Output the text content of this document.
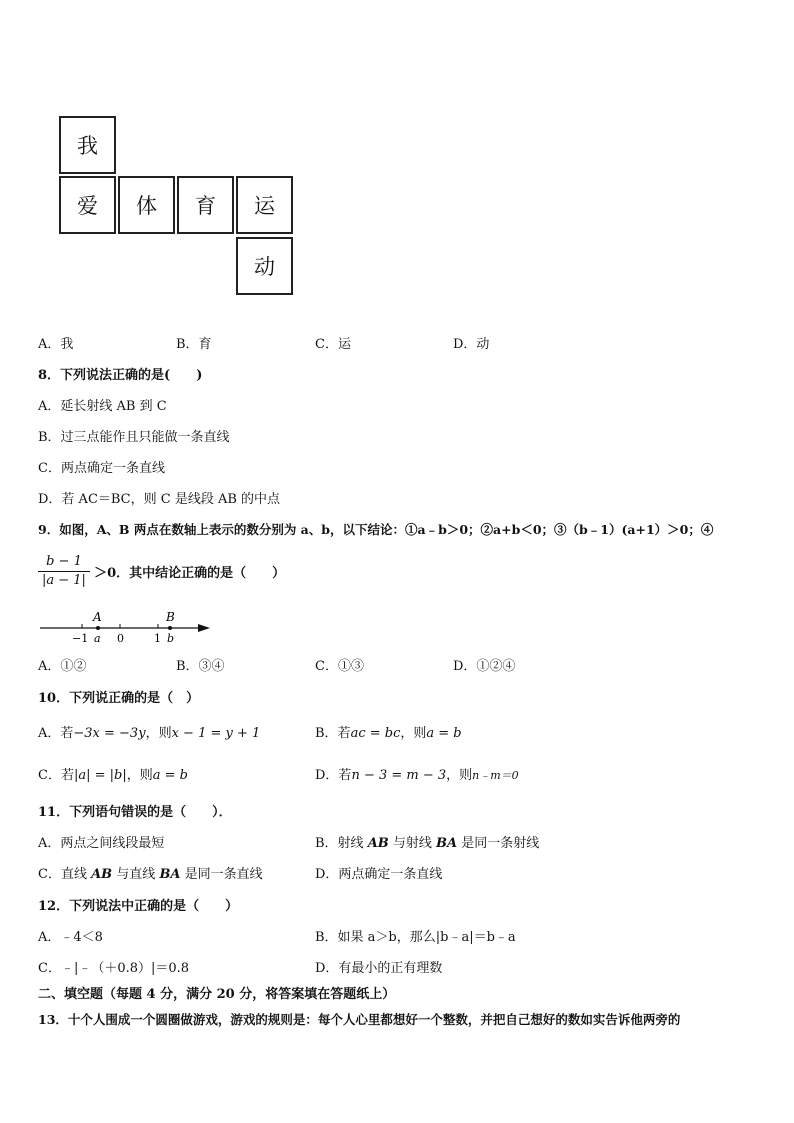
我
爱	体	育	运
动
A．我	B．育	C．运	D．动
8．下列说法正确的是(　　)
A．延长射线 AB 到 C
B．过三点能作且只能做一条直线
C．两点确定一条直线
D．若 AC＝BC，则 C 是线段 AB 的中点
9．如图，A、B 两点在数轴上表示的数分别为 a、b，以下结论：①a﹣b＞0；②a+b＜0；③（b﹣1）(a+1）＞0；④
$\frac{b - 1}{|a - 1|} >0$．其中结论正确的是（　　）
A	B
−1 a 0	1 b
A．①②	B．③④	C．①③	D．①②④
10．下列说正确的是（　）
A．若−3x = −3y，则x − 1 = y + 1	B．若ac = bc，则a = b
C．若|a| = |b|，则a = b	D．若n − 3 = m − 3，则n﹣m＝0
11．下列语句错误的是（　　）．
A．两点之间线段最短	B．射线 AB 与射线 BA 是同一条射线
C．直线 AB 与直线 BA 是同一条直线	D．两点确定一条直线
12．下列说法中正确的是（　　）
A．﹣4＜8	B．如果 a＞b，那么|b﹣a|＝b﹣a
C．﹣|﹣（＋0.8）|＝0.8	D．有最小的正有理数
二、填空题（每题 4 分，满分 20 分，将答案填在答题纸上）
13．十个人围成一个圆圈做游戏，游戏的规则是：每个人心里都想好一个整数，并把自己想好的数如实告诉他两旁的
